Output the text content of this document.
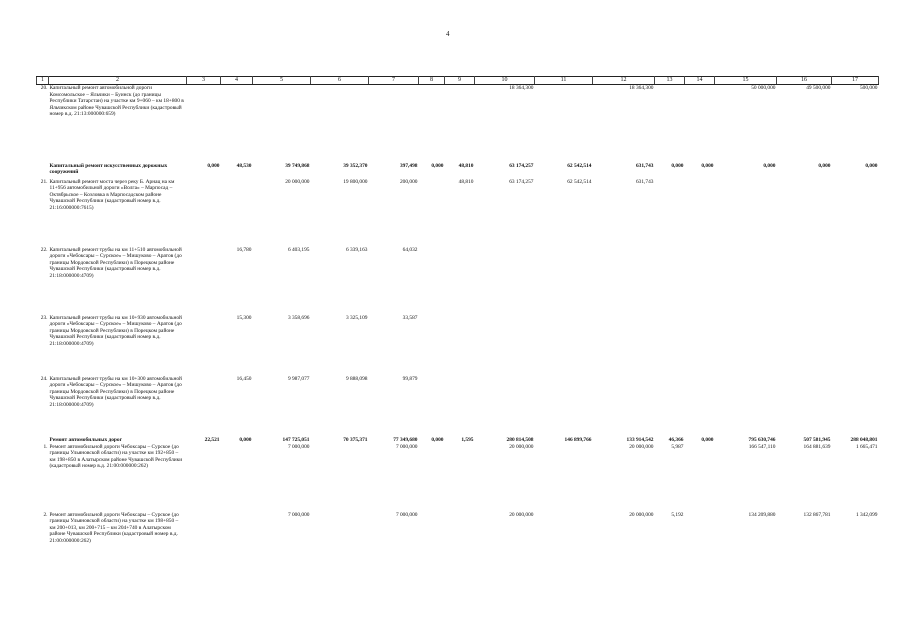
4
1	2	3	4	5	6	7	8	9	10	11	12	13	14	15	16	17
20.	Капитальный ремонт автомобильной дороги Комсомольское – Яльчики – Буинск (до границы Республики Татарстан) на участке км 9+060 – км 18+800 в Яльчикском районе Чувашской Республики (кадастровый номер в.д. 21:13:000000:659)								18 364,300		18 364,300			50 000,000	49 500,000	500,000
	Капитальный ремонт искусственных дорожных сооружений	0,000	48,530	39 749,868	39 352,370	397,498	0,000	48,810	63 174,257	62 542,514	631,743	0,000	0,000	0,000	0,000	0,000
21.	Капитальный ремонт моста через реку Б. Арнац на км 11+956 автомобильной дороги «Волга» – Марпосад – Октябрьское – Козловка в Марпосадском районе Чувашской Республики (кадастровый номер в.д. 21:16:000000:7615)			20 000,000	19 800,000	200,000		48,810	63 174,257	62 542,514	631,743					
22.	Капитальный ремонт трубы на км 11+510 автомобильной дороги «Чебоксары – Сурское» – Мишуково – Аратов (до границы Мордовской Республики) в Порецком районе Чувашской Республики (кадастровый номер в.д. 21:18:000000:4709)		16,780	6 403,195	6 339,163	64,032										
23.	Капитальный ремонт трубы на км 10+930 автомобильной дороги «Чебоксары – Сурское» – Мишуково – Аратов (до границы Мордовской Республики) в Порецком районе Чувашской Республики (кадастровый номер в.д. 21:18:000000:4709)		15,300	3 358,696	3 325,109	33,587										
24.	Капитальный ремонт трубы на км 10+300 автомобильной дороги «Чебоксары – Сурское» – Мишуково – Аратов (до границы Мордовской Республики) в Порецком районе Чувашской Республики (кадастровый номер в.д. 21:18:000000:4709)		16,450	9 987,077	9 888,098	99,879										
	Ремонт автомобильных дорог	22,521	0,000	147 725,051	70 375,371	77 349,680	0,000	1,595	280 814,508	146 899,766	133 914,542	46,366	0,000	795 630,746	507 581,945	288 048,801
1.	Ремонт автомобильной дороги Чебоксары – Сурское (до границы Ульяновской области) на участке км 192+850 – км 198+850 в Алатырском районе Чувашской Республики (кадастровый номер в.д. 21:00:000000:262)			7 000,000		7 000,000			20 000,000		20 000,000	5,987		166 547,110	164 881,639	1 665,471
2.	Ремонт автомобильной дороги Чебоксары – Сурское (до границы Ульяновской области) на участке км 198+850 – км 200+013, км 200+715 – км 204+740 в Алатырском районе Чувашской Республики (кадастровый номер в.д. 21:00:000000:262)			7 000,000		7 000,000			20 000,000		20 000,000	5,192		134 209,880	132 867,781	1 342,099
